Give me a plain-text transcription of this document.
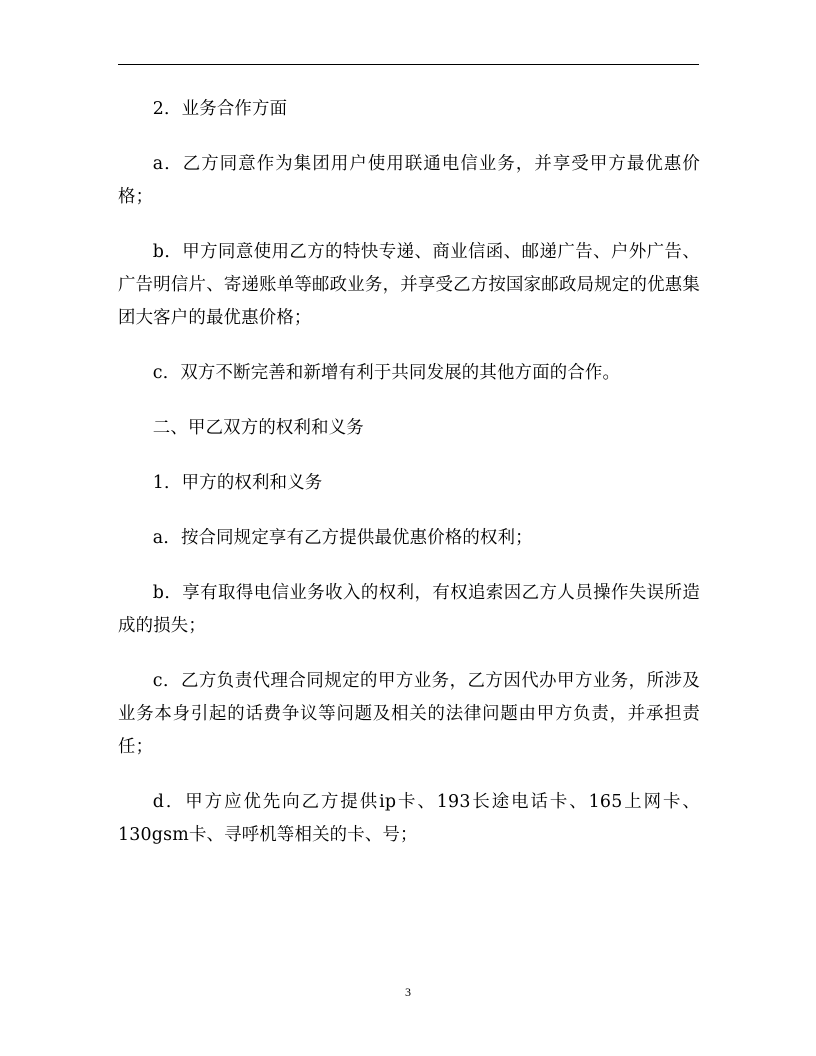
2．业务合作方面

a．乙方同意作为集团用户使用联通电信业务，并享受甲方最优惠价格；

b．甲方同意使用乙方的特快专递、商业信函、邮递广告、户外广告、广告明信片、寄递账单等邮政业务，并享受乙方按国家邮政局规定的优惠集团大客户的最优惠价格；

c．双方不断完善和新增有利于共同发展的其他方面的合作。

二、甲乙双方的权利和义务

1．甲方的权利和义务

a．按合同规定享有乙方提供最优惠价格的权利；

b．享有取得电信业务收入的权利，有权追索因乙方人员操作失误所造成的损失；

c．乙方负责代理合同规定的甲方业务，乙方因代办甲方业务，所涉及业务本身引起的话费争议等问题及相关的法律问题由甲方负责，并承担责任；

d．甲方应优先向乙方提供ip卡、193长途电话卡、165上网卡、130gsm卡、寻呼机等相关的卡、号；

3
